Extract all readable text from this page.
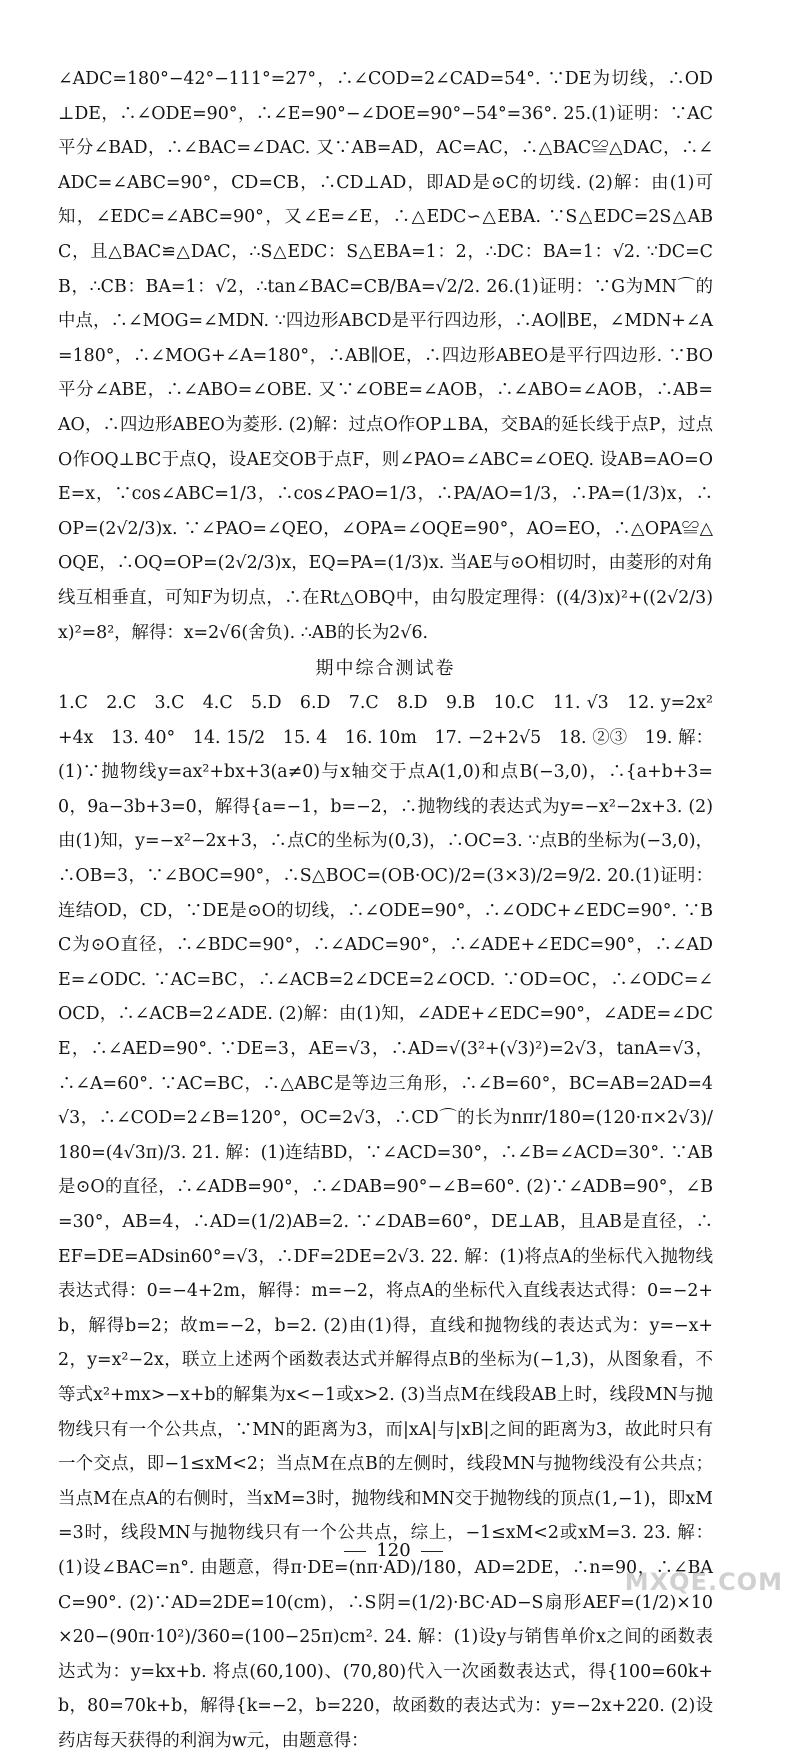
∠ADC=180°−42°−111°=27°，∴∠COD=2∠CAD=54°. ∵DE为切线，∴OD⊥DE，∴∠ODE=90°，∴∠E=90°−∠DOE=90°−54°=36°. 25.(1)证明：∵AC平分∠BAD，∴∠BAC=∠DAC. 又∵AB=AD，AC=AC，∴△BAC≌△DAC，∴∠ADC=∠ABC=90°，CD=CB，∴CD⊥AD，即AD是⊙C的切线. (2)解：由(1)可知，∠EDC=∠ABC=90°，又∠E=∠E，∴△EDC∽△EBA. ∵S△EDC=2S△ABC，且△BAC≌△DAC，∴S△EDC：S△EBA=1：2，∴DC：BA=1：√2. ∵DC=CB，∴CB：BA=1：√2，∴tan∠BAC=CB/BA=√2/2. 26.(1)证明：∵G为MN⌒的中点，∴∠MOG=∠MDN. ∵四边形ABCD是平行四边形，∴AO∥BE，∠MDN+∠A=180°，∴∠MOG+∠A=180°，∴AB∥OE，∴四边形ABEO是平行四边形. ∵BO平分∠ABE，∴∠ABO=∠OBE. 又∵∠OBE=∠AOB，∴∠ABO=∠AOB，∴AB=AO，∴四边形ABEO为菱形. (2)解：过点O作OP⊥BA，交BA的延长线于点P，过点O作OQ⊥BC于点Q，设AE交OB于点F，则∠PAO=∠ABC=∠OEQ. 设AB=AO=OE=x，∵cos∠ABC=1/3，∴cos∠PAO=1/3，∴PA/AO=1/3，∴PA=(1/3)x，∴OP=(2√2/3)x. ∵∠PAO=∠QEO，∠OPA=∠OQE=90°，AO=EO，∴△OPA≌△OQE，∴OQ=OP=(2√2/3)x，EQ=PA=(1/3)x. 当AE与⊙O相切时，由菱形的对角线互相垂直，可知F为切点，∴在Rt△OBQ中，由勾股定理得：((4/3)x)²+((2√2/3)x)²=8²，解得：x=2√6(舍负). ∴AB的长为2√6.

期中综合测试卷

1.C　2.C　3.C　4.C　5.D　6.D　7.C　8.D　9.B　10.C　11. √3　12. y=2x²+4x　13. 40°　14. 15/2　15. 4　16. 10m　17. −2+2√5　18. ②③　19. 解：(1)∵抛物线y=ax²+bx+3(a≠0)与x轴交于点A(1,0)和点B(−3,0)，∴{a+b+3=0，9a−3b+3=0，解得{a=−1，b=−2，∴抛物线的表达式为y=−x²−2x+3. (2)由(1)知，y=−x²−2x+3，∴点C的坐标为(0,3)，∴OC=3. ∵点B的坐标为(−3,0)，∴OB=3，∵∠BOC=90°，∴S△BOC=(OB·OC)/2=(3×3)/2=9/2. 20.(1)证明：连结OD，CD，∵DE是⊙O的切线，∴∠ODE=90°，∴∠ODC+∠EDC=90°. ∵BC为⊙O直径，∴∠BDC=90°，∴∠ADC=90°，∴∠ADE+∠EDC=90°，∴∠ADE=∠ODC. ∵AC=BC，∴∠ACB=2∠DCE=2∠OCD. ∵OD=OC，∴∠ODC=∠OCD，∴∠ACB=2∠ADE. (2)解：由(1)知，∠ADE+∠EDC=90°，∠ADE=∠DCE，∴∠AED=90°. ∵DE=3，AE=√3，∴AD=√(3²+(√3)²)=2√3，tanA=√3，∴∠A=60°. ∵AC=BC，∴△ABC是等边三角形，∴∠B=60°，BC=AB=2AD=4√3，∴∠COD=2∠B=120°，OC=2√3，∴CD⌒的长为nπr/180=(120·π×2√3)/180=(4√3π)/3. 21. 解：(1)连结BD，∵∠ACD=30°，∴∠B=∠ACD=30°. ∵AB是⊙O的直径，∴∠ADB=90°，∴∠DAB=90°−∠B=60°. (2)∵∠ADB=90°，∠B=30°，AB=4，∴AD=(1/2)AB=2. ∵∠DAB=60°，DE⊥AB，且AB是直径，∴EF=DE=ADsin60°=√3，∴DF=2DE=2√3. 22. 解：(1)将点A的坐标代入抛物线表达式得：0=−4+2m，解得：m=−2，将点A的坐标代入直线表达式得：0=−2+b，解得b=2；故m=−2，b=2. (2)由(1)得，直线和抛物线的表达式为：y=−x+2，y=x²−2x，联立上述两个函数表达式并解得点B的坐标为(−1,3)，从图象看，不等式x²+mx>−x+b的解集为x<−1或x>2. (3)当点M在线段AB上时，线段MN与抛物线只有一个公共点，∵MN的距离为3，而|xA|与|xB|之间的距离为3，故此时只有一个交点，即−1≤xM<2；当点M在点B的左侧时，线段MN与抛物线没有公共点；当点M在点A的右侧时，当xM=3时，抛物线和MN交于抛物线的顶点(1,−1)，即xM=3时，线段MN与抛物线只有一个公共点，综上，−1≤xM<2或xM=3. 23. 解：(1)设∠BAC=n°. 由题意，得π·DE=(nπ·AD)/180，AD=2DE，∴n=90，∴∠BAC=90°. (2)∵AD=2DE=10(cm)，∴S阴=(1/2)·BC·AD−S扇形AEF=(1/2)×10×20−(90π·10²)/360=(100−25π)cm². 24. 解：(1)设y与销售单价x之间的函数表达式为：y=kx+b. 将点(60,100)、(70,80)代入一次函数表达式，得{100=60k+b，80=70k+b，解得{k=−2，b=220，故函数的表达式为：y=−2x+220. (2)设药店每天获得的利润为w元，由题意得：

120
MXQE.COM
